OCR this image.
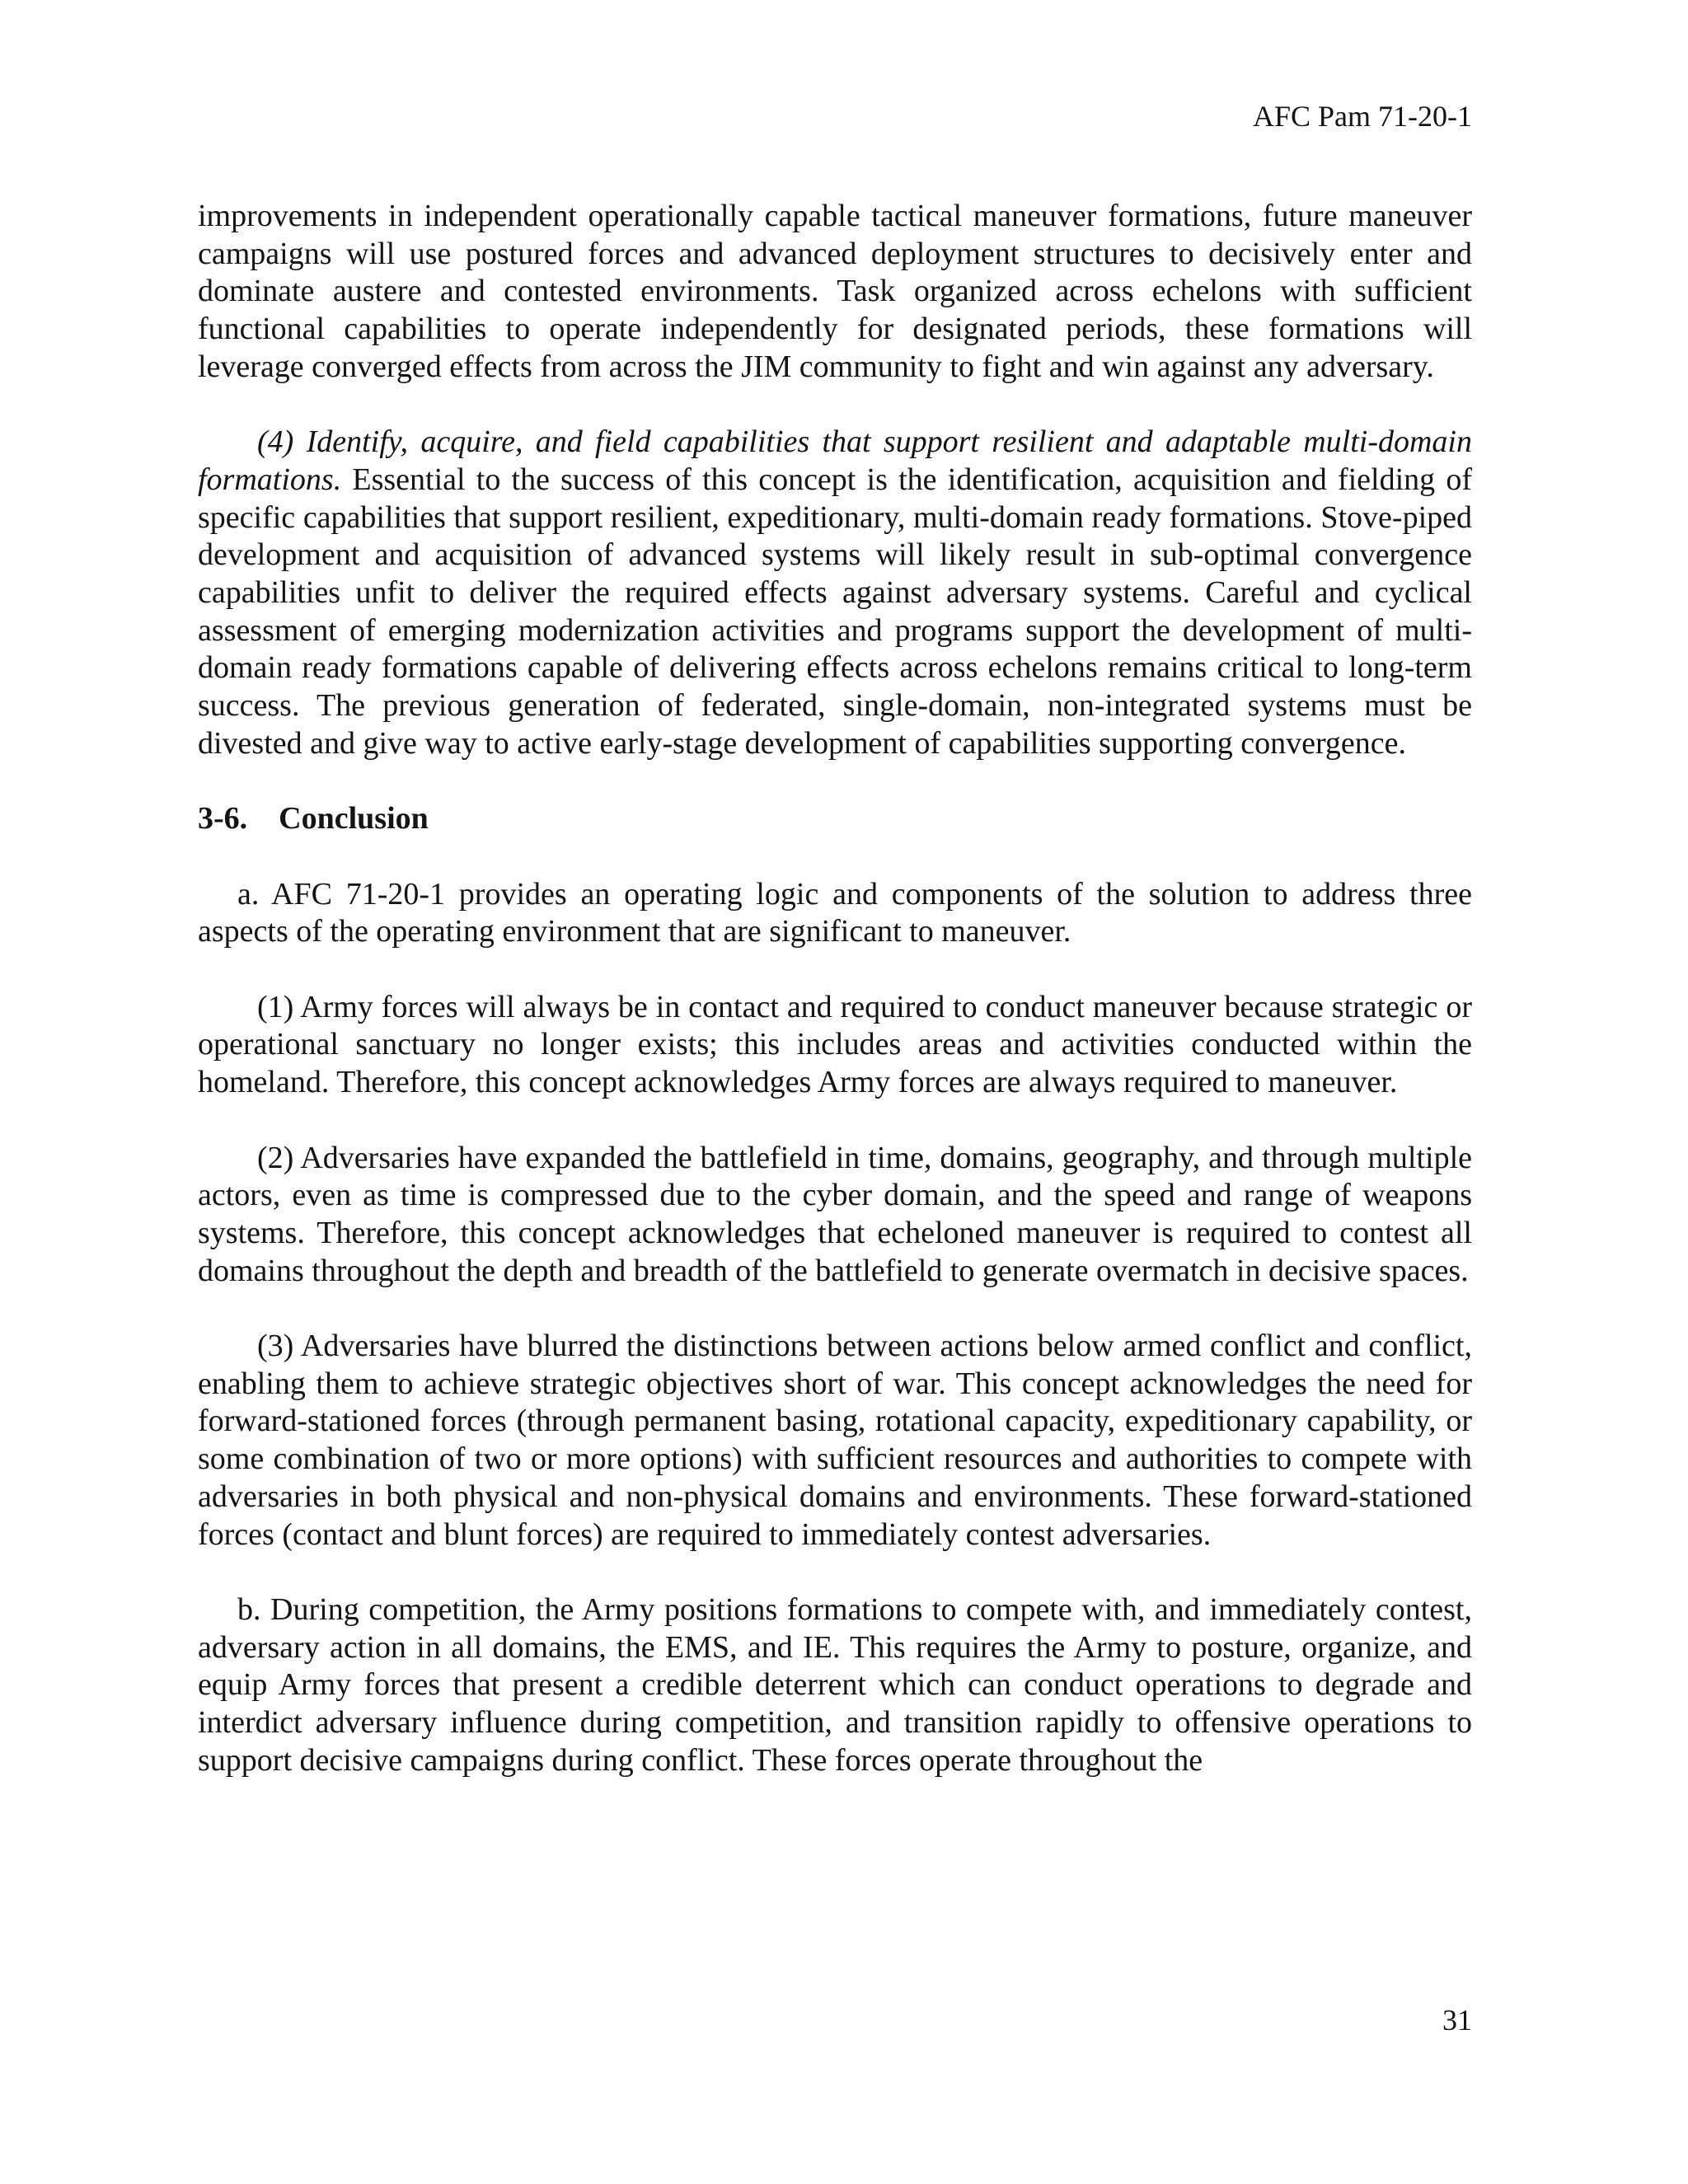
AFC Pam 71-20-1

improvements in independent operationally capable tactical maneuver formations, future maneuver campaigns will use postured forces and advanced deployment structures to decisively enter and dominate austere and contested environments. Task organized across echelons with sufficient functional capabilities to operate independently for designated periods, these formations will leverage converged effects from across the JIM community to fight and win against any adversary.

(4) Identify, acquire, and field capabilities that support resilient and adaptable multi-domain formations. Essential to the success of this concept is the identification, acquisition and fielding of specific capabilities that support resilient, expeditionary, multi-domain ready formations. Stove-piped development and acquisition of advanced systems will likely result in sub-optimal convergence capabilities unfit to deliver the required effects against adversary systems. Careful and cyclical assessment of emerging modernization activities and programs support the development of multi-domain ready formations capable of delivering effects across echelons remains critical to long-term success. The previous generation of federated, single-domain, non-integrated systems must be divested and give way to active early-stage development of capabilities supporting convergence.

3-6. Conclusion

a. AFC 71-20-1 provides an operating logic and components of the solution to address three aspects of the operating environment that are significant to maneuver.

(1) Army forces will always be in contact and required to conduct maneuver because strategic or operational sanctuary no longer exists; this includes areas and activities conducted within the homeland. Therefore, this concept acknowledges Army forces are always required to maneuver.

(2) Adversaries have expanded the battlefield in time, domains, geography, and through multiple actors, even as time is compressed due to the cyber domain, and the speed and range of weapons systems. Therefore, this concept acknowledges that echeloned maneuver is required to contest all domains throughout the depth and breadth of the battlefield to generate overmatch in decisive spaces.

(3) Adversaries have blurred the distinctions between actions below armed conflict and conflict, enabling them to achieve strategic objectives short of war. This concept acknowledges the need for forward-stationed forces (through permanent basing, rotational capacity, expeditionary capability, or some combination of two or more options) with sufficient resources and authorities to compete with adversaries in both physical and non-physical domains and environments. These forward-stationed forces (contact and blunt forces) are required to immediately contest adversaries.

b. During competition, the Army positions formations to compete with, and immediately contest, adversary action in all domains, the EMS, and IE. This requires the Army to posture, organize, and equip Army forces that present a credible deterrent which can conduct operations to degrade and interdict adversary influence during competition, and transition rapidly to offensive operations to support decisive campaigns during conflict. These forces operate throughout the

31
